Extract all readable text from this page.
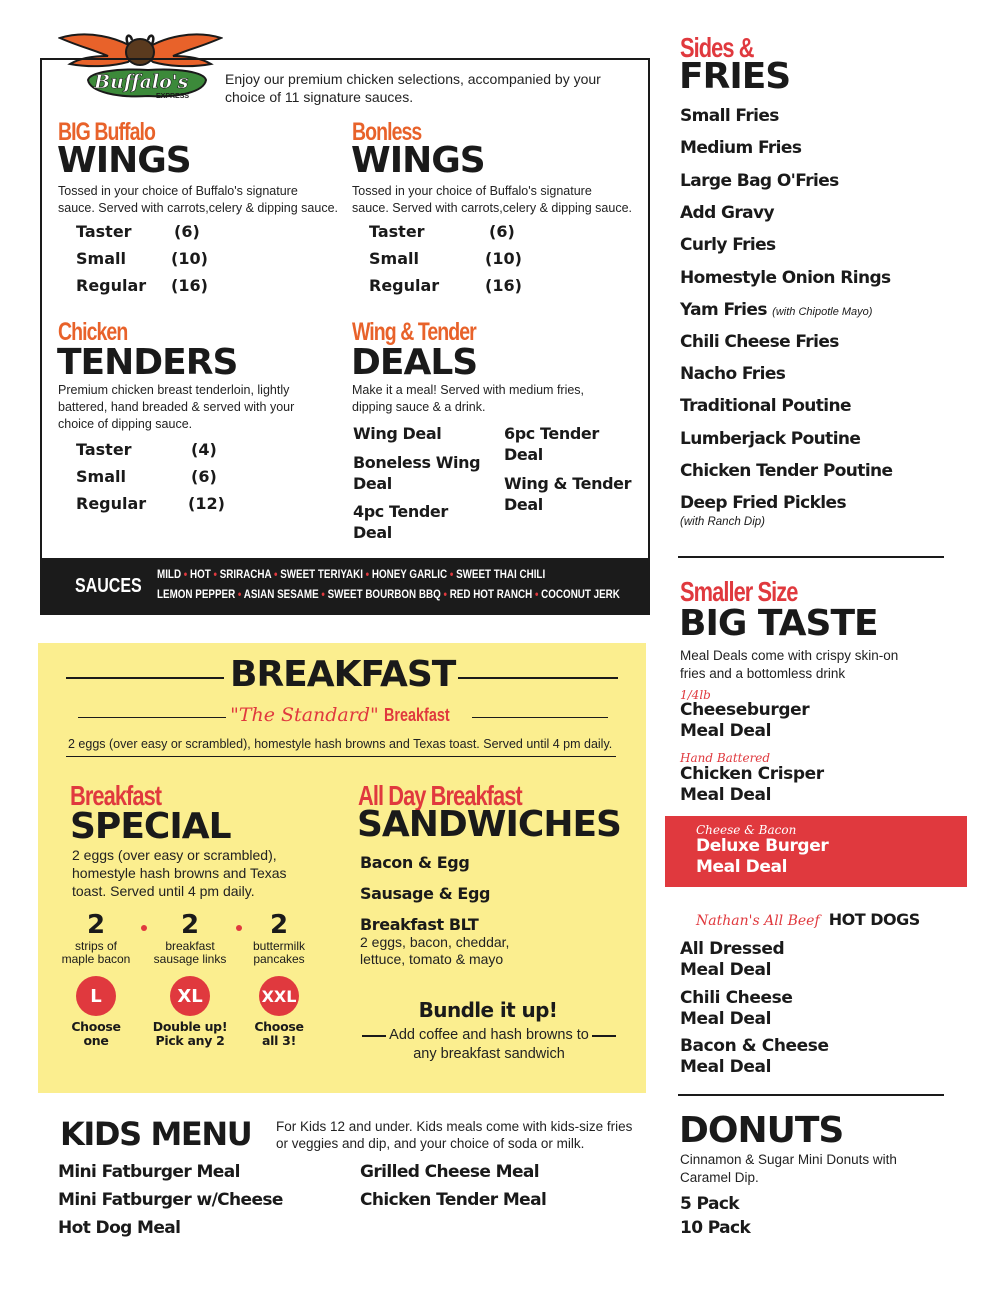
Buffalo's
EXPRESS
Enjoy our premium chicken selections, accompanied by your choice of 11 signature sauces.
BIG Buffalo
WINGS
Tossed in your choice of Buffalo's signature sauce. Served with carrots,celery & dipping sauce.
Taster	(6)
Small	(10)
Regular (16)
Bonless
WINGS
Tossed in your choice of Buffalo's signature sauce. Served with carrots,celery & dipping sauce.
Taster	(6)
Small	(10)
Regular	(16)
Chicken
TENDERS
Premium chicken breast tenderloin, lightly battered, hand breaded & served with your choice of dipping sauce.
Taster	(4)
Small	(6)
Regular	(12)
Wing & Tender
DEALS
Make it a meal! Served with medium fries, dipping sauce & a drink.
Wing Deal
Boneless Wing Deal
4pc Tender Deal
6pc Tender Deal
Wing & Tender Deal
SAUCES
MILD • HOT • SRIRACHA • SWEET TERIYAKI • HONEY GARLIC • SWEET THAI CHILI
LEMON PEPPER • ASIAN SESAME • SWEET BOURBON BBQ • RED HOT RANCH • COCONUT JERK
BREAKFAST
"The Standard" Breakfast
2 eggs (over easy or scrambled), homestyle hash browns and Texas toast. Served until 4 pm daily.
Breakfast
SPECIAL
2 eggs (over easy or scrambled), homestyle hash browns and Texas toast. Served until 4 pm daily.
2
strips of maple bacon
2
breakfast sausage links
2
buttermilk pancakes
L	XL	XXL
Choose one
Double up! Pick any 2
Choose all 3!
All Day Breakfast
SANDWICHES
Bacon & Egg
Sausage & Egg
Breakfast BLT
2 eggs, bacon, cheddar, lettuce, tomato & mayo
Bundle it up!
Add coffee and hash browns to any breakfast sandwich
KIDS MENU For Kids 12 and under. Kids meals come with kids-size fries or veggies and dip, and your choice of soda or milk.
Mini Fatburger Meal
Mini Fatburger w/Cheese
Hot Dog Meal
Grilled Cheese Meal
Chicken Tender Meal
Sides &
FRIES
Small Fries
Medium Fries
Large Bag O'Fries
Add Gravy
Curly Fries
Homestyle Onion Rings
Yam Fries (with Chipotle Mayo)
Chili Cheese Fries
Nacho Fries
Traditional Poutine
Lumberjack Poutine
Chicken Tender Poutine
Deep Fried Pickles
(with Ranch Dip)
Smaller Size
BIG TASTE
Meal Deals come with crispy skin-on fries and a bottomless drink
1/4lb
Cheeseburger Meal Deal
Hand Battered
Chicken Crisper Meal Deal
Cheese & Bacon
Deluxe Burger Meal Deal
Nathan's All Beef HOT DOGS
All Dressed Meal Deal
Chili Cheese Meal Deal
Bacon & Cheese Meal Deal
DONUTS
Cinnamon & Sugar Mini Donuts with Caramel Dip.
5 Pack
10 Pack
